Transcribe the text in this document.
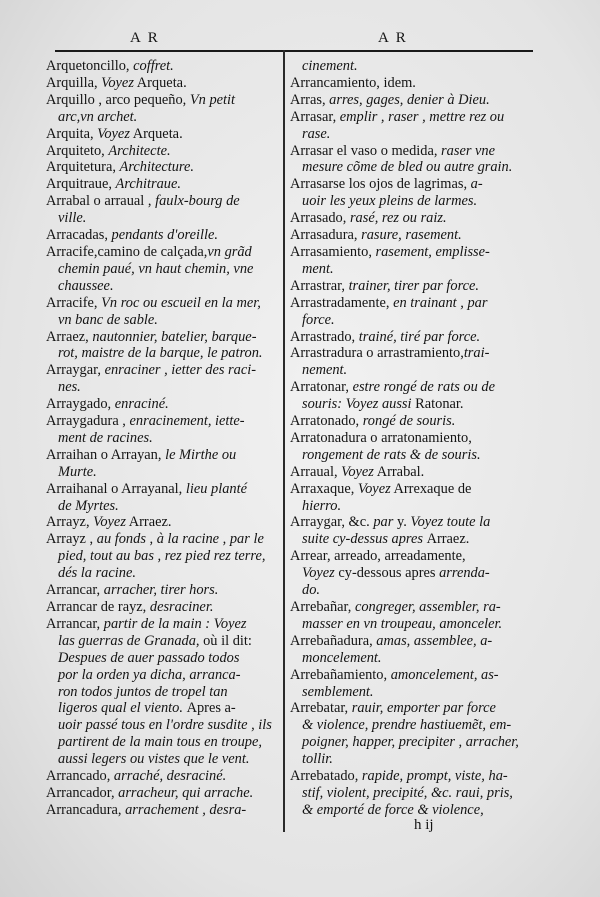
A R	A R

Arquetoncillo, coffret.

Arquilla, Voyez Arqueta.

Arquillo , arco pequeño, Vn petit

arc,vn archet.

Arquita, Voyez Arqueta.

Arquiteto, Architecte.

Arquitetura, Architecture.

Arquitraue, Architraue.

Arrabal o arraual , faulx-bourg de

ville.

Arracadas, pendants d'oreille.

Arracife,camino de calçada,vn grãd

chemin paué, vn haut chemin, vne

chaussee.

Arracife, Vn roc ou escueil en la mer,

vn banc de sable.

Arraez, nautonnier, batelier, barque-

rot, maistre de la barque, le patron.

Arraygar, enraciner , ietter des raci-

nes.

Arraygado, enraciné.

Arraygadura , enracinement, iette-

ment de racines.

Arraihan o Arrayan, le Mirthe ou

Murte.

Arraihanal o Arrayanal, lieu planté

de Myrtes.

Arrayz, Voyez Arraez.

Arrayz , au fonds , à la racine , par le

pied, tout au bas , rez pied rez terre,

dés la racine.

Arrancar, arracher, tirer hors.

Arrancar de rayz, desraciner.

Arrancar, partir de la main : Voyez

las guerras de Granada, où il dit:

Despues de auer passado todos

por la orden ya dicha, arranca-

ron todos juntos de tropel tan

ligeros qual el viento. Apres a-

uoir passé tous en l'ordre susdite , ils

partirent de la main tous en troupe,

aussi legers ou vistes que le vent.

Arrancado, arraché, desraciné.

Arrancador, arracheur, qui arrache.

Arrancadura, arrachement , desra-

cinement.

Arrancamiento, idem.

Arras, arres, gages, denier à Dieu.

Arrasar, emplir , raser , mettre rez ou

rase.

Arrasar el vaso o medida, raser vne

mesure cõme de bled ou autre grain.

Arrasarse los ojos de lagrimas, a-

uoir les yeux pleins de larmes.

Arrasado, rasé, rez ou raiz.

Arrasadura, rasure, rasement.

Arrasamiento, rasement, emplisse-

ment.

Arrastrar, trainer, tirer par force.

Arrastradamente, en trainant , par

force.

Arrastrado, trainé, tiré par force.

Arrastradura o arrastramiento,trai-

nement.

Arratonar, estre rongé de rats ou de

souris: Voyez aussi Ratonar.

Arratonado, rongé de souris.

Arratonadura o arratonamiento,

rongement de rats & de souris.

Arraual, Voyez Arrabal.

Arraxaque, Voyez Arrexaque de

hierro.

Arraygar, &c. par y. Voyez toute la

suite cy-dessus apres Arraez.

Arrear, arreado, arreadamente,

Voyez cy-dessous apres arrenda-

do.

Arrebañar, congreger, assembler, ra-

masser en vn troupeau, amonceler.

Arrebañadura, amas, assemblee, a-

moncelement.

Arrebañamiento, amoncelement, as-

semblement.

Arrebatar, rauir, emporter par force

& violence, prendre hastiuemẽt, em-

poigner, happer, precipiter , arracher,

tollir.

Arrebatado, rapide, prompt, viste, ha-

stif, violent, precipité, &c. raui, pris,

& emporté de force & violence,

h ij
